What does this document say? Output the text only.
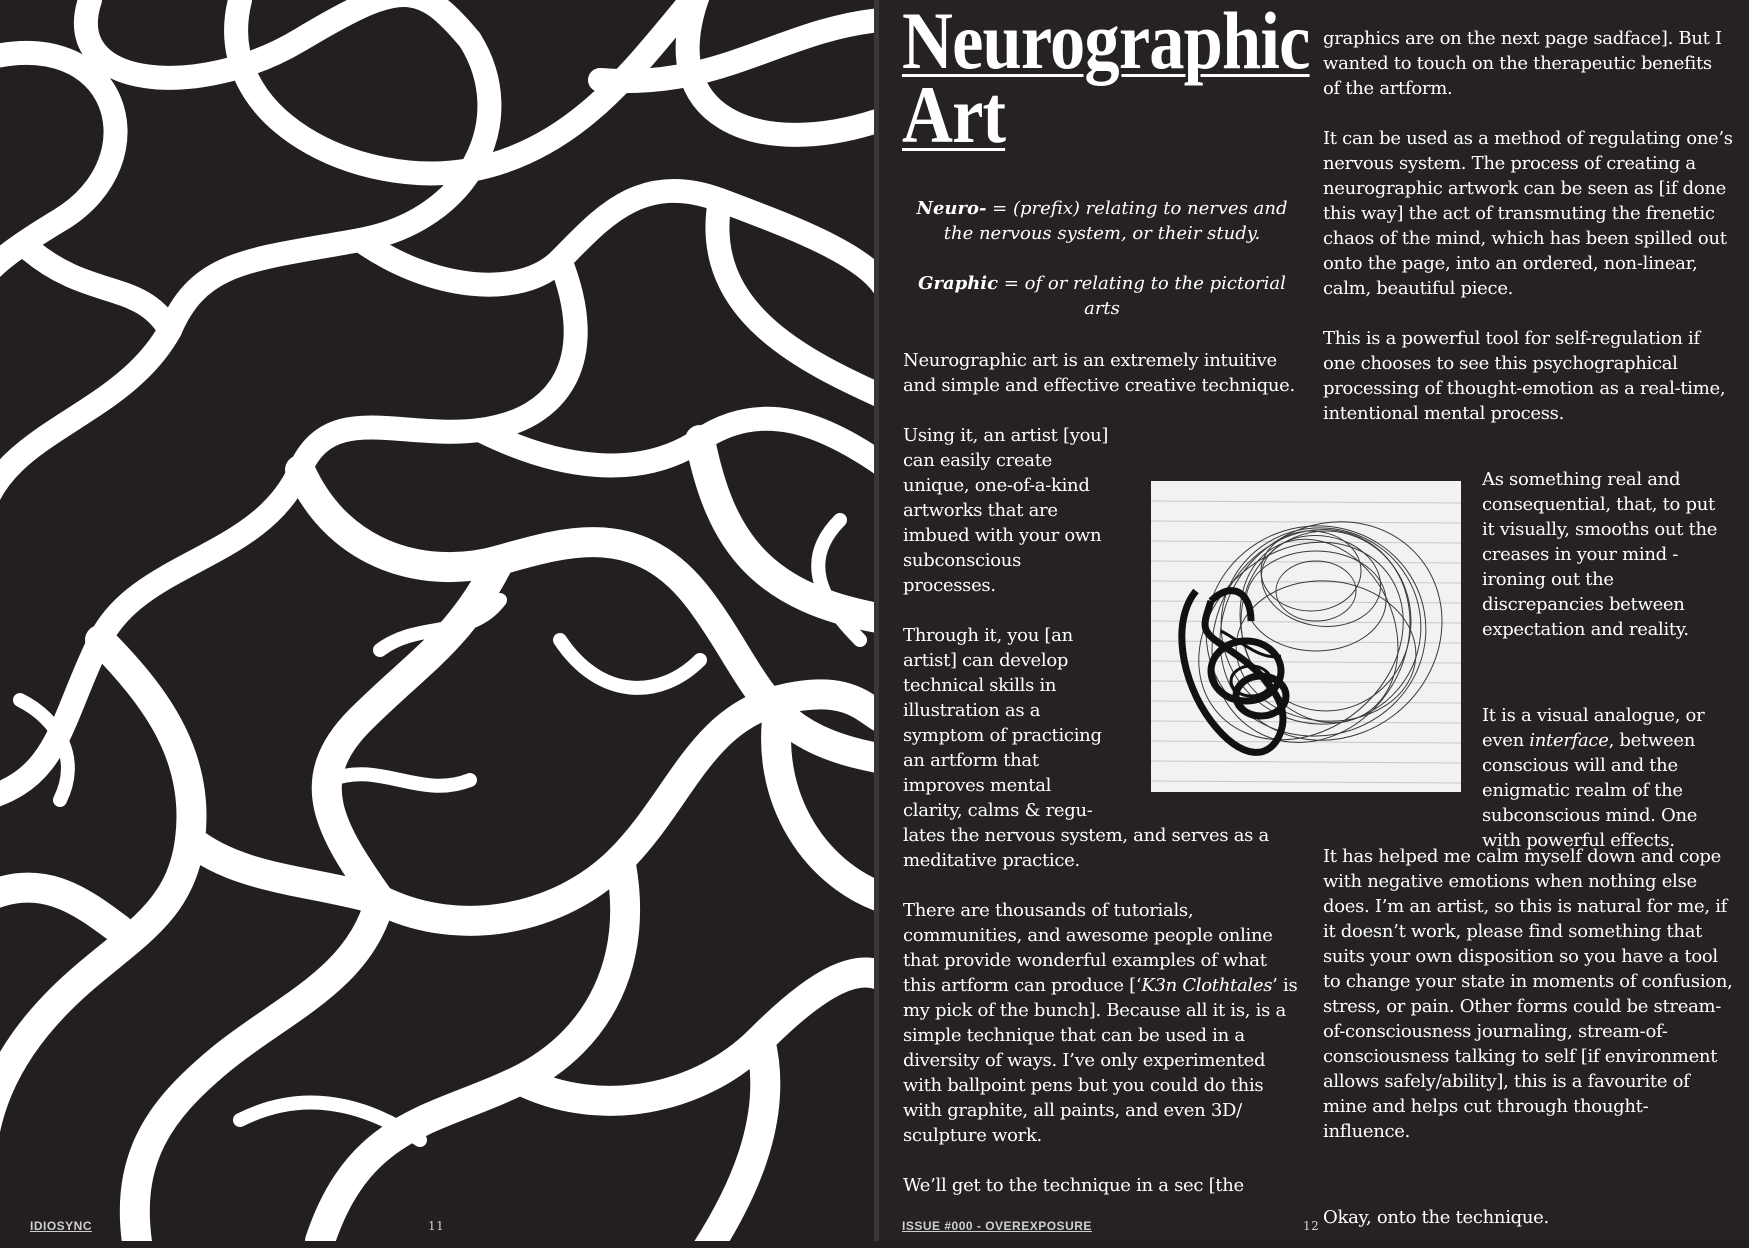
IDIOSYNC	11
Neurographic
Art

Neuro- = (prefix) relating to nerves and the nervous system, or their study.

Graphic = of or relating to the pictorial arts

Neurographic art is an extremely intuitive and simple and effective creative technique.

Using it, an artist [you] can easily create unique, one-of-a-kind artworks that are imbued with your own subconscious processes.

Through it, you [an artist] can develop technical skills in illustration as a symptom of practicing an artform that improves mental clarity, calms & regu-

lates the nervous system, and serves as a meditative practice.

There are thousands of tutorials, communities, and awesome people online that provide wonderful examples of what this artform can produce [‘K3n Clothtales’ is my pick of the bunch]. Because all it is, is a simple technique that can be used in a diversity of ways. I’ve only experimented with ballpoint pens but you could do this with graphite, all paints, and even 3D/ sculpture work.

We’ll get to the technique in a sec [the

graphics are on the next page sadface]. But I wanted to touch on the therapeutic benefits of the artform.

It can be used as a method of regulating one’s nervous system. The process of creating a neurographic artwork can be seen as [if done this way] the act of transmuting the frenetic chaos of the mind, which has been spilled out onto the page, into an ordered, non-linear, calm, beautiful piece.

This is a powerful tool for self-regulation if one chooses to see this psychographical processing of thought-emotion as a real-time, intentional mental process.

As something real and consequential, that, to put it visually, smooths out the creases in your mind - ironing out the discrepancies between expectation and reality.

It is a visual analogue, or even interface, between conscious will and the enigmatic realm of the subconscious mind. One with powerful effects.

It has helped me calm myself down and cope with negative emotions when nothing else does. I’m an artist, so this is natural for me, if it doesn’t work, please find something that suits your own disposition so you have a tool to change your state in moments of confusion, stress, or pain. Other forms could be stream-of-consciousness journaling, stream-of-consciousness talking to self [if environment allows safely/ability], this is a favourite of mine and helps cut through thought-influence.

Okay, onto the technique.

ISSUE #000 - OVEREXPOSURE	12
